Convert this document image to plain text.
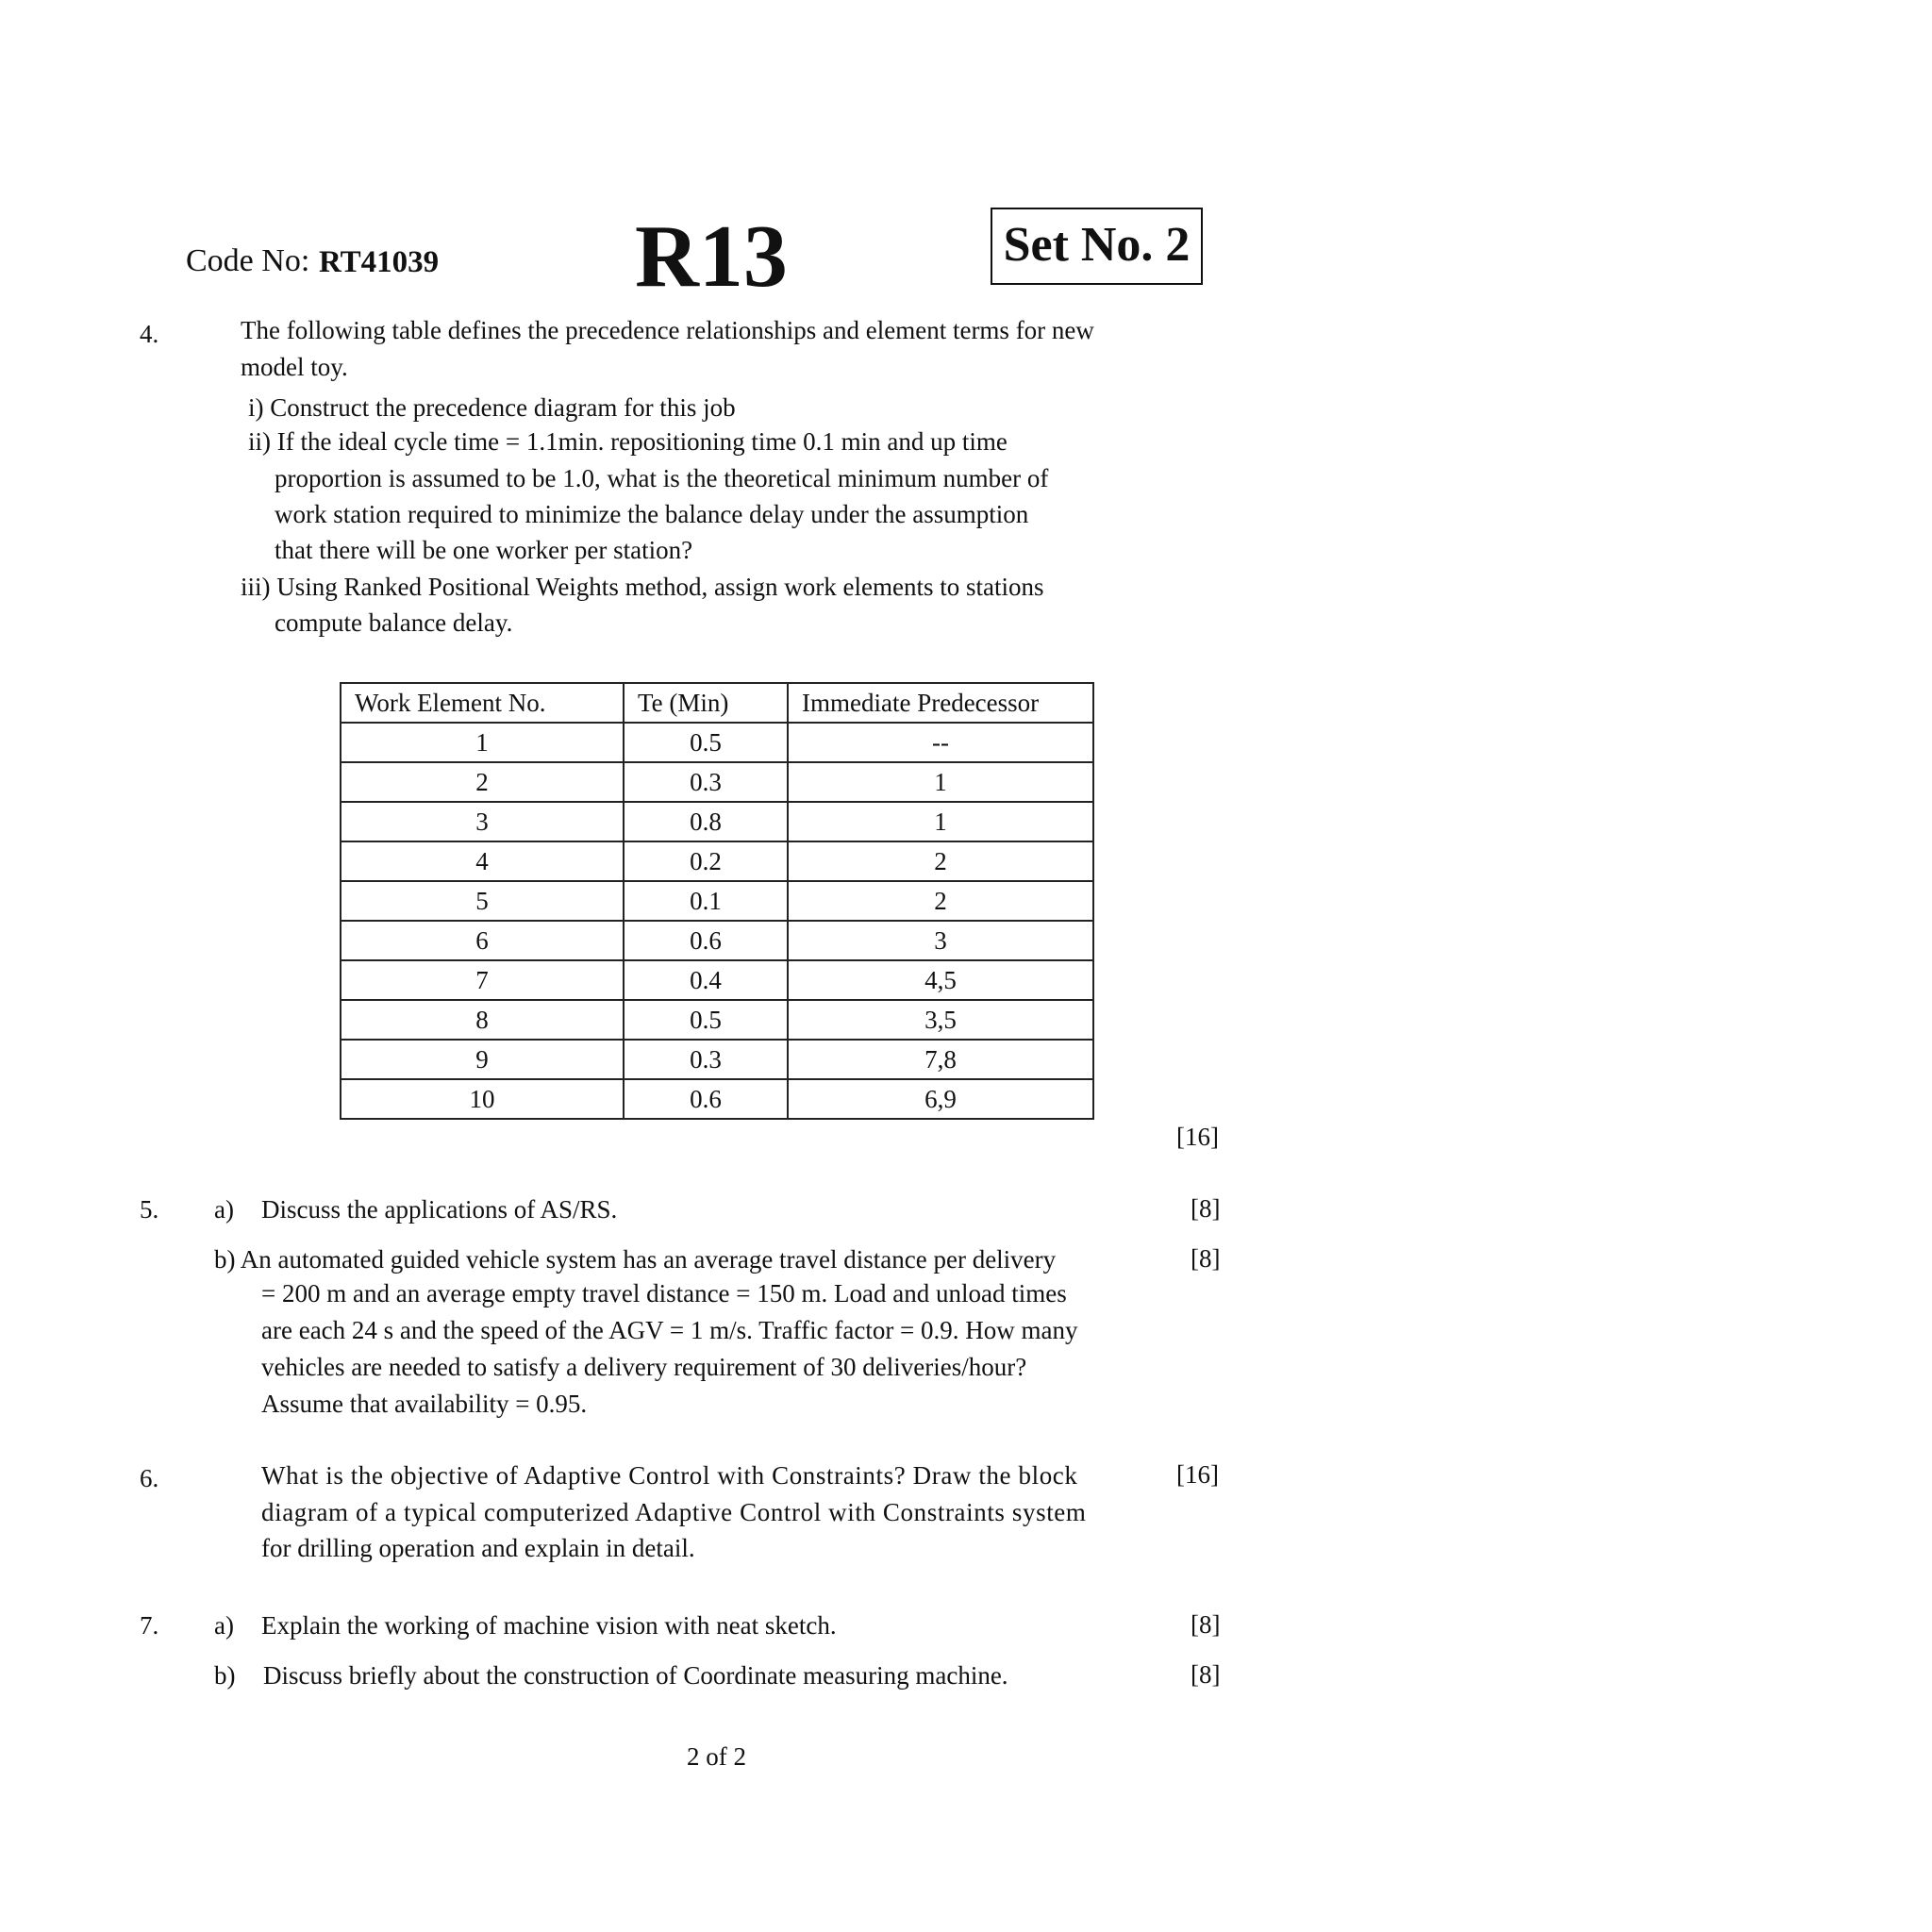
Code No: RT41039 R13	Set No. 2
4.	The following table defines the precedence relationships and element terms for new
model toy.
i) Construct the precedence diagram for this job
ii) If the ideal cycle time = 1.1min. repositioning time 0.1 min and up time
proportion is assumed to be 1.0, what is the theoretical minimum number of
work station required to minimize the balance delay under the assumption
that there will be one worker per station?
iii) Using Ranked Positional Weights method, assign work elements to stations
compute balance delay.
Work Element No.	Te (Min)	Immediate Predecessor
1	0.5	--
2	0.3	1
3	0.8	1
4	0.2	2
5	0.1	2
6	0.6	3
7	0.4	4,5
8	0.5	3,5
9	0.3	7,8
10	0.6	6,9
[16]
5. a) Discuss the applications of AS/RS.	[8]
b) An automated guided vehicle system has an average travel distance per delivery	[8]
= 200 m and an average empty travel distance = 150 m. Load and unload times
are each 24 s and the speed of the AGV = 1 m/s. Traffic factor = 0.9. How many
vehicles are needed to satisfy a delivery requirement of 30 deliveries/hour?
Assume that availability = 0.95.
6.	What is the objective of Adaptive Control with Constraints? Draw the block	[16]
diagram of a typical computerized Adaptive Control with Constraints system
for drilling operation and explain in detail.
7. a) Explain the working of machine vision with neat sketch.	[8]
b) Discuss briefly about the construction of Coordinate measuring machine.	[8]
2 of 2
